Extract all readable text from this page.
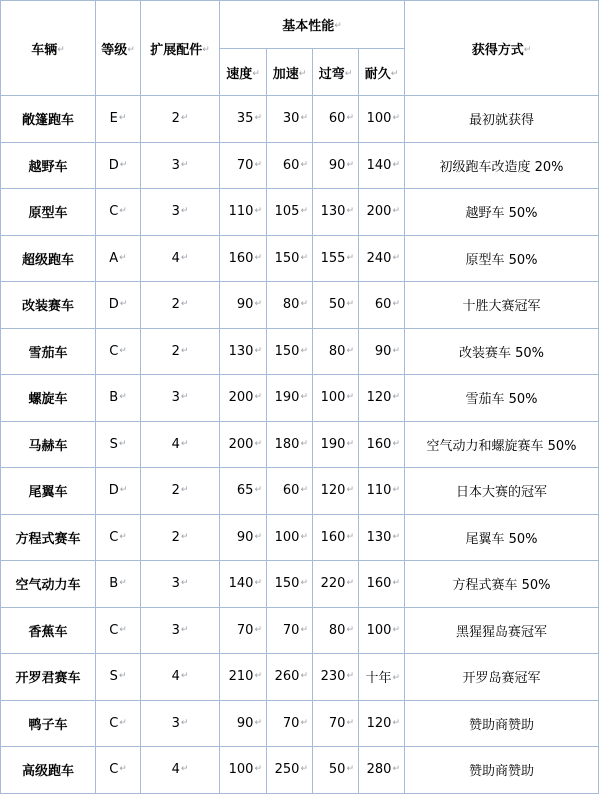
车辆↵	等级↵	扩展配件↵	基本性能↵				获得方式↵
			速度↵	加速↵	过弯↵	耐久↵	
敞篷跑车	E↵	2↵	35↵	30↵	60↵	100↵	最初就获得
越野车	D↵	3↵	70↵	60↵	90↵	140↵	初级跑车改造度 20%
原型车	C↵	3↵	110↵	105↵	130↵	200↵	越野车 50%
超级跑车	A↵	4↵	160↵	150↵	155↵	240↵	原型车 50%
改装赛车	D↵	2↵	90↵	80↵	50↵	60↵	十胜大赛冠军
雪茄车	C↵	2↵	130↵	150↵	80↵	90↵	改装赛车 50%
螺旋车	B↵	3↵	200↵	190↵	100↵	120↵	雪茄车 50%
马赫车	S↵	4↵	200↵	180↵	190↵	160↵	空气动力和螺旋赛车 50%
尾翼车	D↵	2↵	65↵	60↵	120↵	110↵	日本大赛的冠军
方程式赛车	C↵	2↵	90↵	100↵	160↵	130↵	尾翼车 50%
空气动力车	B↵	3↵	140↵	150↵	220↵	160↵	方程式赛车 50%
香蕉车	C↵	3↵	70↵	70↵	80↵	100↵	黑猩猩岛赛冠军
开罗君赛车	S↵	4↵	210↵	260↵	230↵	十年↵	开罗岛赛冠军
鸭子车	C↵	3↵	90↵	70↵	70↵	120↵	赞助商赞助
高级跑车	C↵	4↵	100↵	250↵	50↵	280↵	赞助商赞助
